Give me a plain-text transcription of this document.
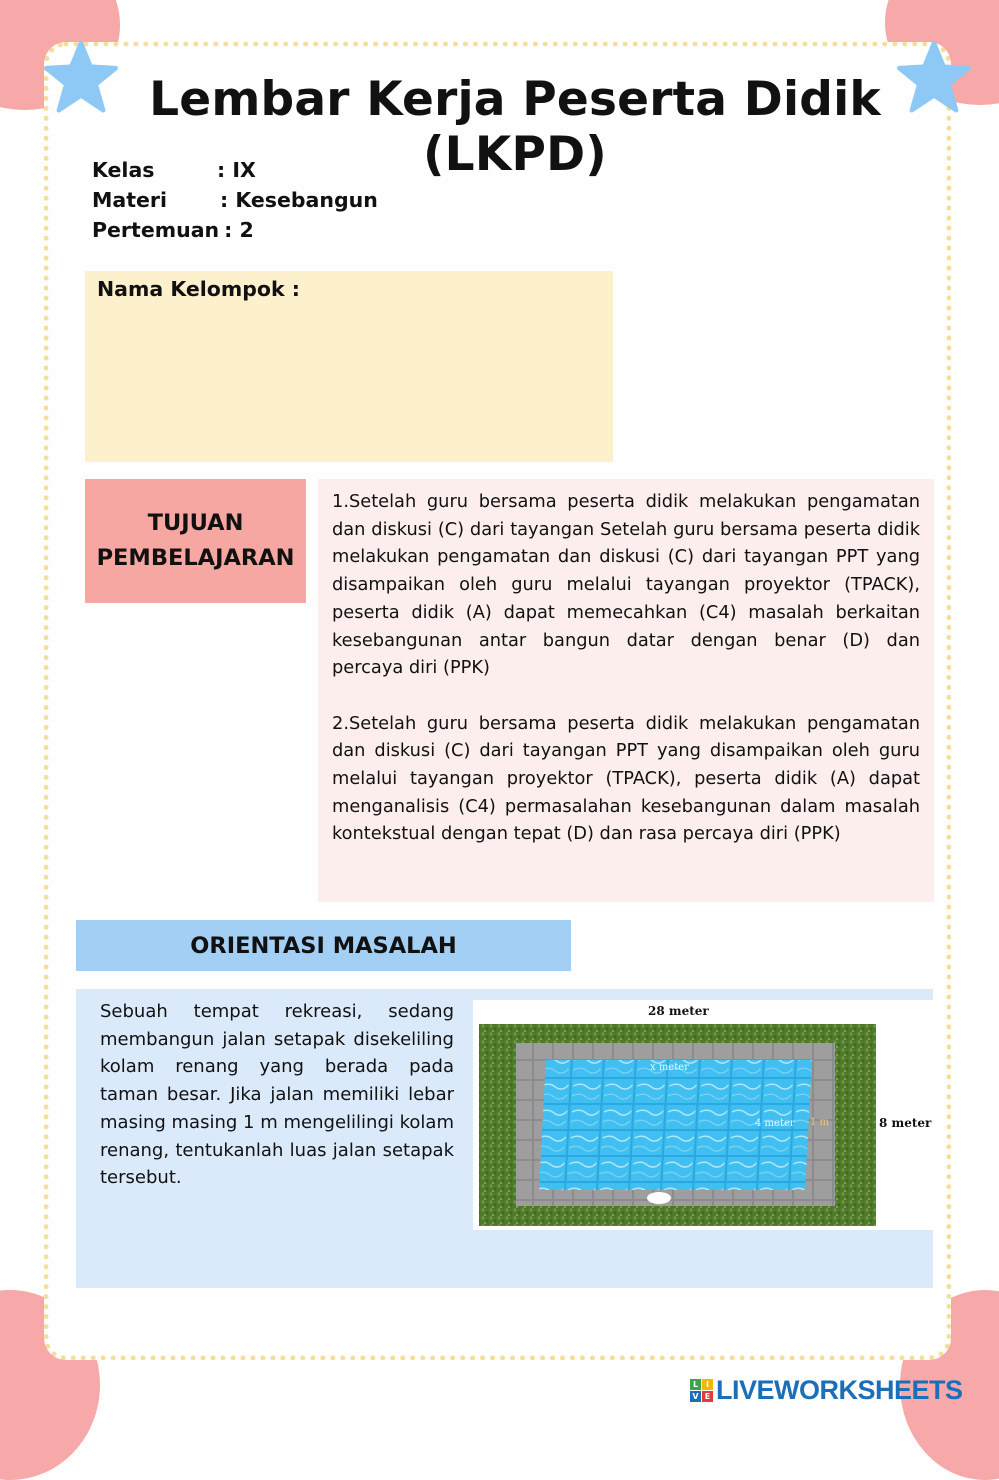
Lembar Kerja Peserta Didik (LKPD)
Kelas	: IX
Materi	: Kesebangun
Pertemuan : 2
Nama Kelompok :
TUJUAN
PEMBELAJARAN

1.Setelah guru bersama peserta didik melakukan pengamatan dan diskusi (C) dari tayangan Setelah guru bersama peserta didik melakukan pengamatan dan diskusi (C) dari tayangan PPT yang disampaikan oleh guru melalui tayangan proyektor (TPACK), peserta didik (A) dapat memecahkan (C4) masalah berkaitan kesebangunan antar bangun datar dengan benar (D) dan percaya diri (PPK)

2.Setelah guru bersama peserta didik melakukan pengamatan dan diskusi (C) dari tayangan PPT yang disampaikan oleh guru melalui tayangan proyektor (TPACK), peserta didik (A) dapat menganalisis (C4) permasalahan kesebangunan dalam masalah kontekstual dengan tepat (D) dan rasa percaya diri (PPK)

ORIENTASI MASALAH
Sebuah tempat rekreasi, sedang membangun jalan setapak disekeliling kolam renang yang berada pada taman besar. Jika jalan memiliki lebar masing masing 1 m mengelilingi kolam renang, tentukanlah luas jalan setapak tersebut.
28 meter
8 meter
x meter
4 meter 1 m
L I
V E LIVEWORKSHEETS
